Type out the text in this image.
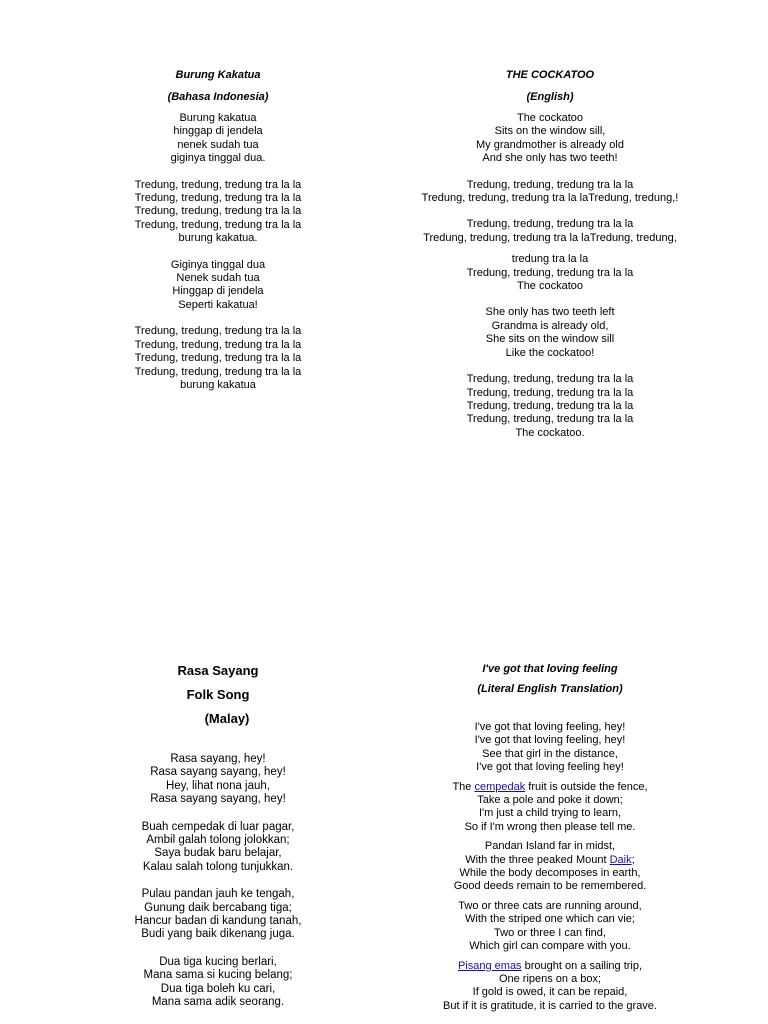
Burung Kakatua
(Bahasa Indonesia)
Burung kakatua
hinggap di jendela
nenek sudah tua
giginya tinggal dua.
Tredung, tredung, tredung tra la la
Tredung, tredung, tredung tra la la
Tredung, tredung, tredung tra la la
Tredung, tredung, tredung tra la la
burung kakatua.
Giginya tinggal dua
Nenek sudah tua
Hinggap di jendela
Seperti kakatua!
Tredung, tredung, tredung tra la la
Tredung, tredung, tredung tra la la
Tredung, tredung, tredung tra la la
Tredung, tredung, tredung tra la la
burung kakatua
THE COCKATOO
(English)
The cockatoo
Sits on the window sill,
My grandmother is already old
And she only has two teeth!
Tredung, tredung, tredung tra la la
Tredung, tredung, tredung tra la laTredung, tredung,!
Tredung, tredung, tredung tra la la
Tredung, tredung, tredung tra la laTredung, tredung,
tredung tra la la
Tredung, tredung, tredung tra la la
The cockatoo
She only has two teeth left
Grandma is already old,
She sits on the window sill
Like the cockatoo!
Tredung, tredung, tredung tra la la
Tredung, tredung, tredung tra la la
Tredung, tredung, tredung tra la la
Tredung, tredung, tredung tra la la
The cockatoo.
Rasa Sayang
Folk Song
(Malay)
Rasa sayang, hey!
Rasa sayang sayang, hey!
Hey, lihat nona jauh,
Rasa sayang sayang, hey!
Buah cempedak di luar pagar,
Ambil galah tolong jolokkan;
Saya budak baru belajar,
Kalau salah tolong tunjukkan.
Pulau pandan jauh ke tengah,
Gunung daik bercabang tiga;
Hancur badan di kandung tanah,
Budi yang baik dikenang juga.
Dua tiga kucing berlari,
Mana sama si kucing belang;
Dua tiga boleh ku cari,
Mana sama adik seorang.
I've got that loving feeling
(Literal English Translation)
I've got that loving feeling, hey!
I've got that loving feeling, hey!
See that girl in the distance,
I've got that loving feeling hey!
The cempedak fruit is outside the fence,
Take a pole and poke it down;
I'm just a child trying to learn,
So if I'm wrong then please tell me.
Pandan Island far in midst,
With the three peaked Mount Daik;
While the body decomposes in earth,
Good deeds remain to be remembered.
Two or three cats are running around,
With the striped one which can vie;
Two or three I can find,
Which girl can compare with you.
Pisang emas brought on a sailing trip,
One ripens on a box;
If gold is owed, it can be repaid,
But if it is gratitude, it is carried to the grave.
